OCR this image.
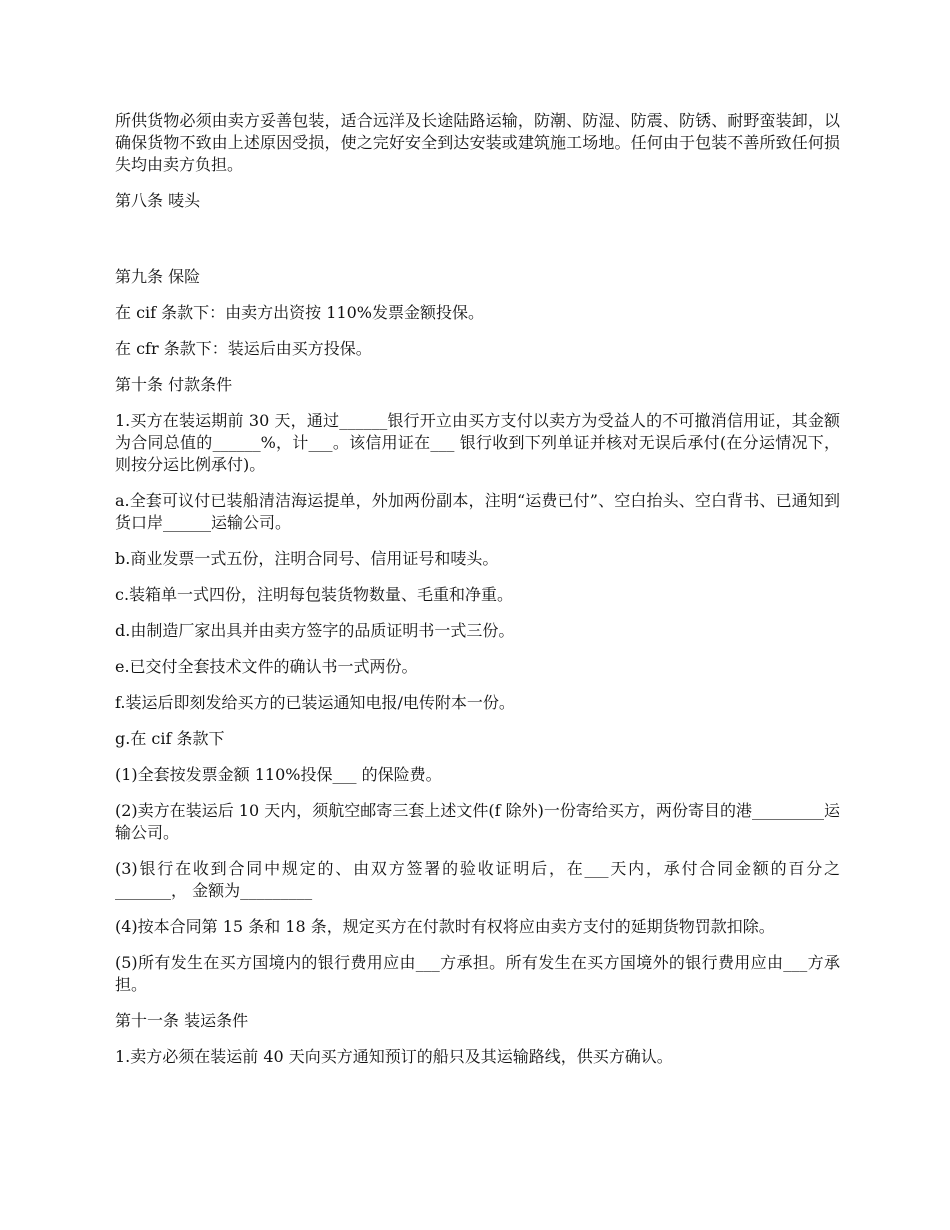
所供货物必须由卖方妥善包装，适合远洋及长途陆路运输，防潮、防湿、防震、防锈、耐野蛮装卸，以确保货物不致由上述原因受损，使之完好安全到达安装或建筑施工场地。任何由于包装不善所致任何损失均由卖方负担。

第八条 唛头

第九条 保险

在 cif 条款下：由卖方出资按 110%发票金额投保。

在 cfr 条款下：装运后由买方投保。

第十条 付款条件

1.买方在装运期前 30 天，通过______银行开立由买方支付以卖方为受益人的不可撤消信用证，其金额为合同总值的______%，计___。该信用证在___ 银行收到下列单证并核对无误后承付(在分运情况下，则按分运比例承付)。

a.全套可议付已装船清洁海运提单，外加两份副本，注明“运费已付”、空白抬头、空白背书、已通知到货口岸______运输公司。

b.商业发票一式五份，注明合同号、信用证号和唛头。

c.装箱单一式四份，注明每包装货物数量、毛重和净重。

d.由制造厂家出具并由卖方签字的品质证明书一式三份。

e.已交付全套技术文件的确认书一式两份。

f.装运后即刻发给买方的已装运通知电报/电传附本一份。

g.在 cif 条款下

(1)全套按发票金额 110%投保___ 的保险费。

(2)卖方在装运后 10 天内，须航空邮寄三套上述文件(f 除外)一份寄给买方，两份寄目的港_________运输公司。

(3)银行在收到合同中规定的、由双方签署的验收证明后，在___天内，承付合同金额的百分之_______， 金额为_________

(4)按本合同第 15 条和 18 条，规定买方在付款时有权将应由卖方支付的延期货物罚款扣除。

(5)所有发生在买方国境内的银行费用应由___方承担。所有发生在买方国境外的银行费用应由___方承担。

第十一条 装运条件

1.卖方必须在装运前 40 天向买方通知预订的船只及其运输路线，供买方确认。
